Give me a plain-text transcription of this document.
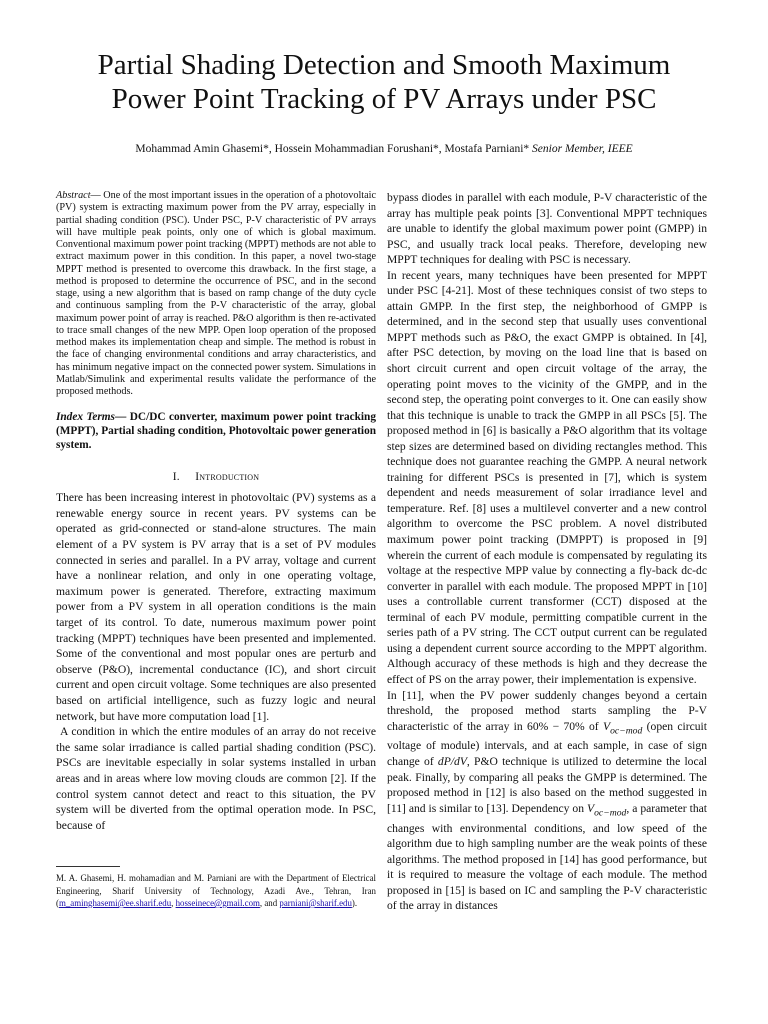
Partial Shading Detection and Smooth Maximum
Power Point Tracking of PV Arrays under PSC
Mohammad Amin Ghasemi*, Hossein Mohammadian Forushani*, Mostafa Parniani* Senior Member, IEEE

Abstract— One of the most important issues in the operation of a photovoltaic (PV) system is extracting maximum power from the PV array, especially in partial shading condition (PSC). Under PSC, P-V characteristic of PV arrays will have multiple peak points, only one of which is global maximum. Conventional maximum power point tracking (MPPT) methods are not able to extract maximum power in this condition. In this paper, a novel two-stage MPPT method is presented to overcome this drawback. In the first stage, a method is proposed to determine the occurrence of PSC, and in the second stage, using a new algorithm that is based on ramp change of the duty cycle and continuous sampling from the P-V characteristic of the array, global maximum power point of array is reached. P&O algorithm is then re-activated to trace small changes of the new MPP. Open loop operation of the proposed method makes its implementation cheap and simple. The method is robust in the face of changing environmental conditions and array characteristics, and has minimum negative impact on the connected power system. Simulations in Matlab/Simulink and experimental results validate the performance of the proposed methods.

Index Terms— DC/DC converter, maximum power point tracking (MPPT), Partial shading condition, Photovoltaic power generation system.

I. Introduction

There has been increasing interest in photovoltaic (PV) systems as a renewable energy source in recent years. PV systems can be operated as grid-connected or stand-alone structures. The main element of a PV system is PV array that is a set of PV modules connected in series and parallel. In a PV array, voltage and current have a nonlinear relation, and only in one operating voltage, maximum power is generated. Therefore, extracting maximum power from a PV system in all operation conditions is the main target of its control. To date, numerous maximum power point tracking (MPPT) techniques have been presented and implemented. Some of the conventional and most popular ones are perturb and observe (P&O), incremental conductance (IC), and short circuit current and open circuit voltage. Some techniques are also presented based on artificial intelligence, such as fuzzy logic and neural network, but have more computation load [1].

A condition in which the entire modules of an array do not receive the same solar irradiance is called partial shading condition (PSC). PSCs are inevitable especially in solar systems installed in urban areas and in areas where low moving clouds are common [2]. If the control system cannot detect and react to this situation, the PV system will be diverted from the optimal operation mode. In PSC, because of

M. A. Ghasemi, H. mohamadian and M. Parniani are with the Department of Electrical Engineering, Sharif University of Technology, Azadi Ave., Tehran, Iran (m_aminghasemi@ee.sharif.edu, hosseinece@gmail.com, and parniani@sharif.edu).

bypass diodes in parallel with each module, P-V characteristic of the array has multiple peak points [3]. Conventional MPPT techniques are unable to identify the global maximum power point (GMPP) in PSC, and usually track local peaks. Therefore, developing new MPPT techniques for dealing with PSC is necessary.

In recent years, many techniques have been presented for MPPT under PSC [4-21]. Most of these techniques consist of two steps to attain GMPP. In the first step, the neighborhood of GMPP is determined, and in the second step that usually uses conventional MPPT methods such as P&O, the exact GMPP is obtained. In [4], after PSC detection, by moving on the load line that is based on short circuit current and open circuit voltage of the array, the operating point moves to the vicinity of the GMPP, and in the second step, the operating point converges to it. One can easily show that this technique is unable to track the GMPP in all PSCs [5]. The proposed method in [6] is basically a P&O algorithm that its voltage step sizes are determined based on dividing rectangles method. This technique does not guarantee reaching the GMPP. A neural network training for different PSCs is presented in [7], which is system dependent and needs measurement of solar irradiance level and temperature. Ref. [8] uses a multilevel converter and a new control algorithm to overcome the PSC problem. A novel distributed maximum power point tracking (DMPPT) is proposed in [9] wherein the current of each module is compensated by regulating its voltage at the respective MPP value by connecting a fly-back dc-dc converter in parallel with each module. The proposed MPPT in [10] uses a controllable current transformer (CCT) disposed at the terminal of each PV module, permitting compatible current in the series path of a PV string. The CCT output current can be regulated using a dependent current source according to the MPPT algorithm. Although accuracy of these methods is high and they decrease the effect of PS on the array power, their implementation is expensive.

In [11], when the PV power suddenly changes beyond a certain threshold, the proposed method starts sampling the P-V characteristic of the array in 60% − 70% of $V_{oc-mod}$ (open circuit voltage of module) intervals, and at each sample, in case of sign change of dP/dV, P&O technique is utilized to determine the local peak. Finally, by comparing all peaks the GMPP is determined. The proposed method in [12] is also based on the method suggested in [11] and is similar to [13]. Dependency on $V_{oc-mod}$, a parameter that changes with environmental conditions, and low speed of the algorithm due to high sampling number are the weak points of these algorithms. The method proposed in [14] has good performance, but it is required to measure the voltage of each module. The method proposed in [15] is based on IC and sampling the P-V characteristic of the array in distances
